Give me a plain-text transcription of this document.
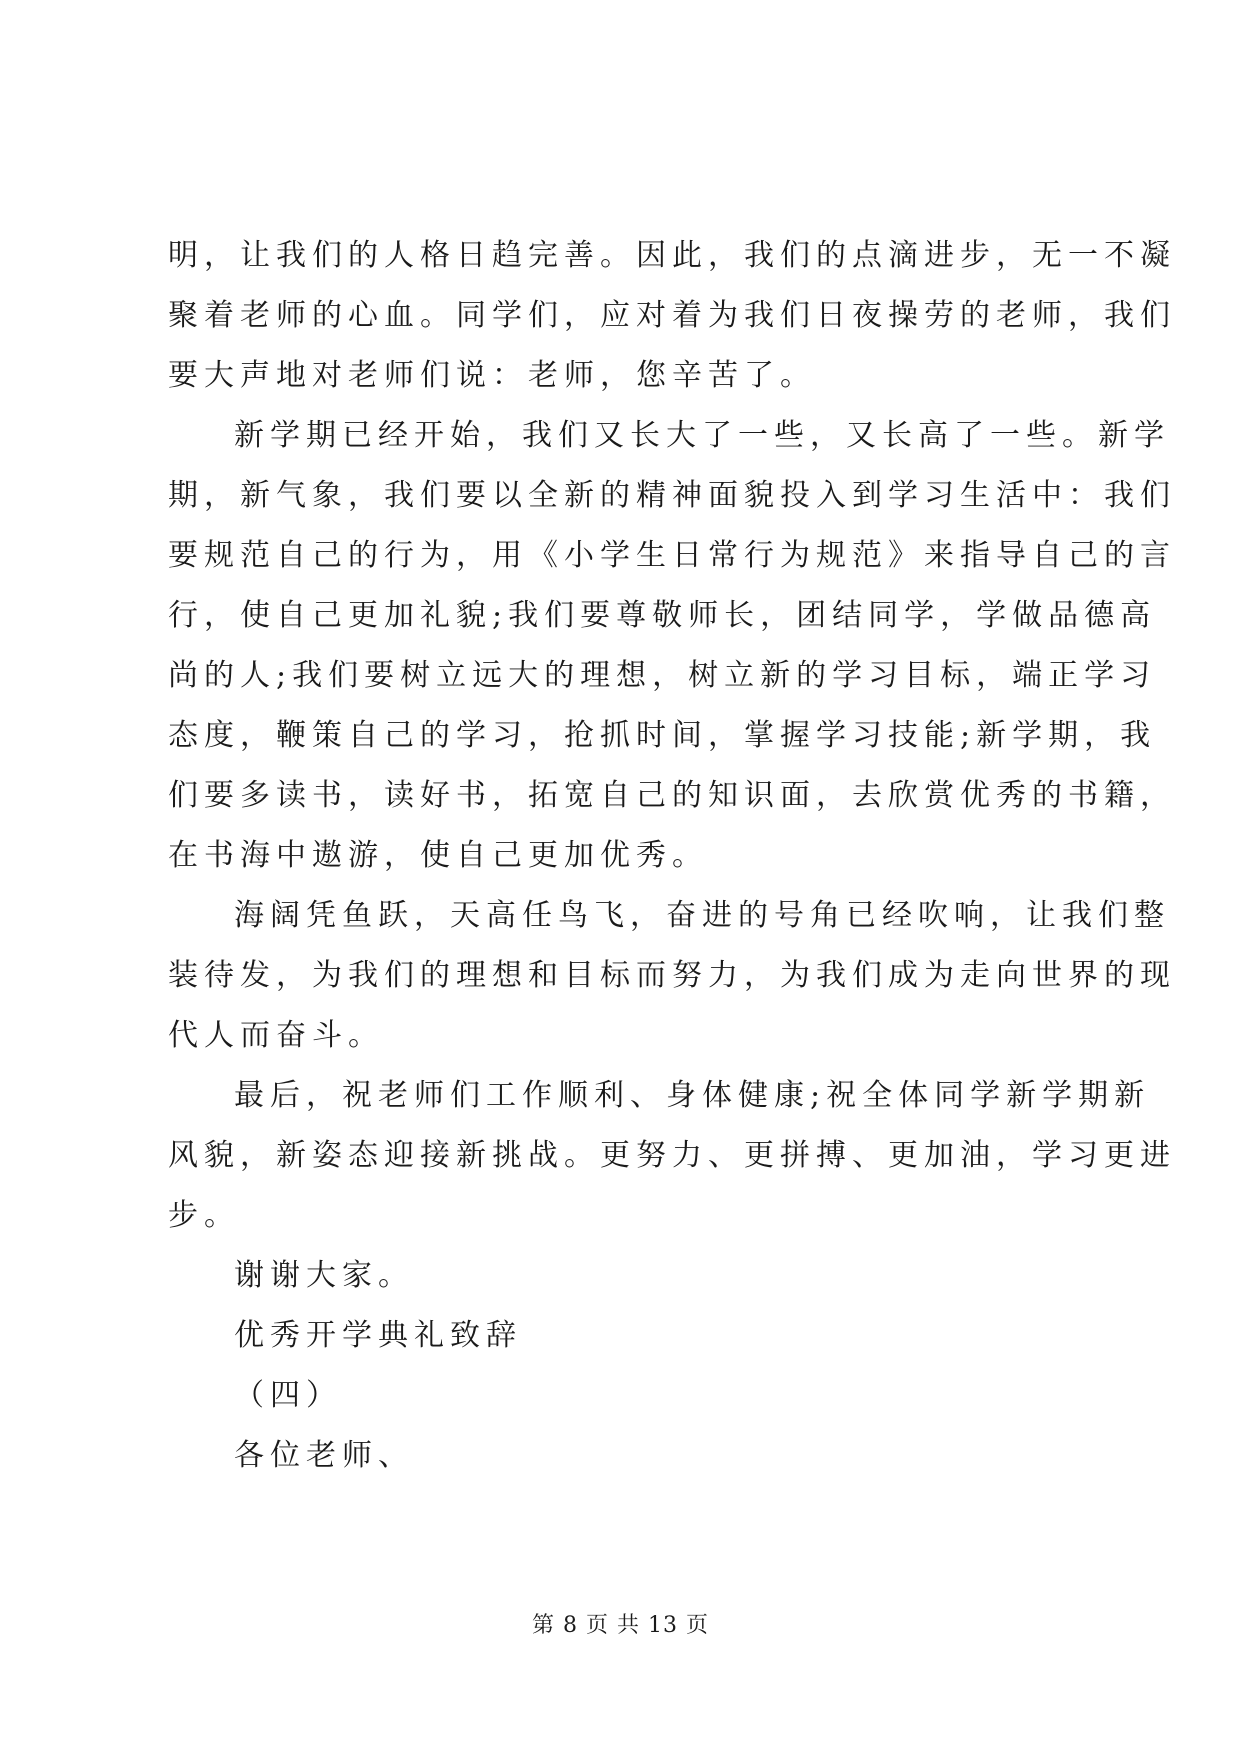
明，让我们的人格日趋完善。因此，我们的点滴进步，无一不凝
聚着老师的心血。同学们，应对着为我们日夜操劳的老师，我们
要大声地对老师们说：老师，您辛苦了。
新学期已经开始，我们又长大了一些，又长高了一些。新学
期，新气象，我们要以全新的精神面貌投入到学习生活中：我们
要规范自己的行为，用《小学生日常行为规范》来指导自己的言
行，使自己更加礼貌;我们要尊敬师长，团结同学，学做品德高
尚的人;我们要树立远大的理想，树立新的学习目标，端正学习
态度，鞭策自己的学习，抢抓时间，掌握学习技能;新学期，我
们要多读书，读好书，拓宽自己的知识面，去欣赏优秀的书籍，
在书海中遨游，使自己更加优秀。
海阔凭鱼跃，天高任鸟飞，奋进的号角已经吹响，让我们整
装待发，为我们的理想和目标而努力，为我们成为走向世界的现
代人而奋斗。
最后，祝老师们工作顺利、身体健康;祝全体同学新学期新
风貌，新姿态迎接新挑战。更努力、更拼搏、更加油，学习更进
步。
谢谢大家。
优秀开学典礼致辞
（四）
各位老师、
第 8 页 共 13 页
